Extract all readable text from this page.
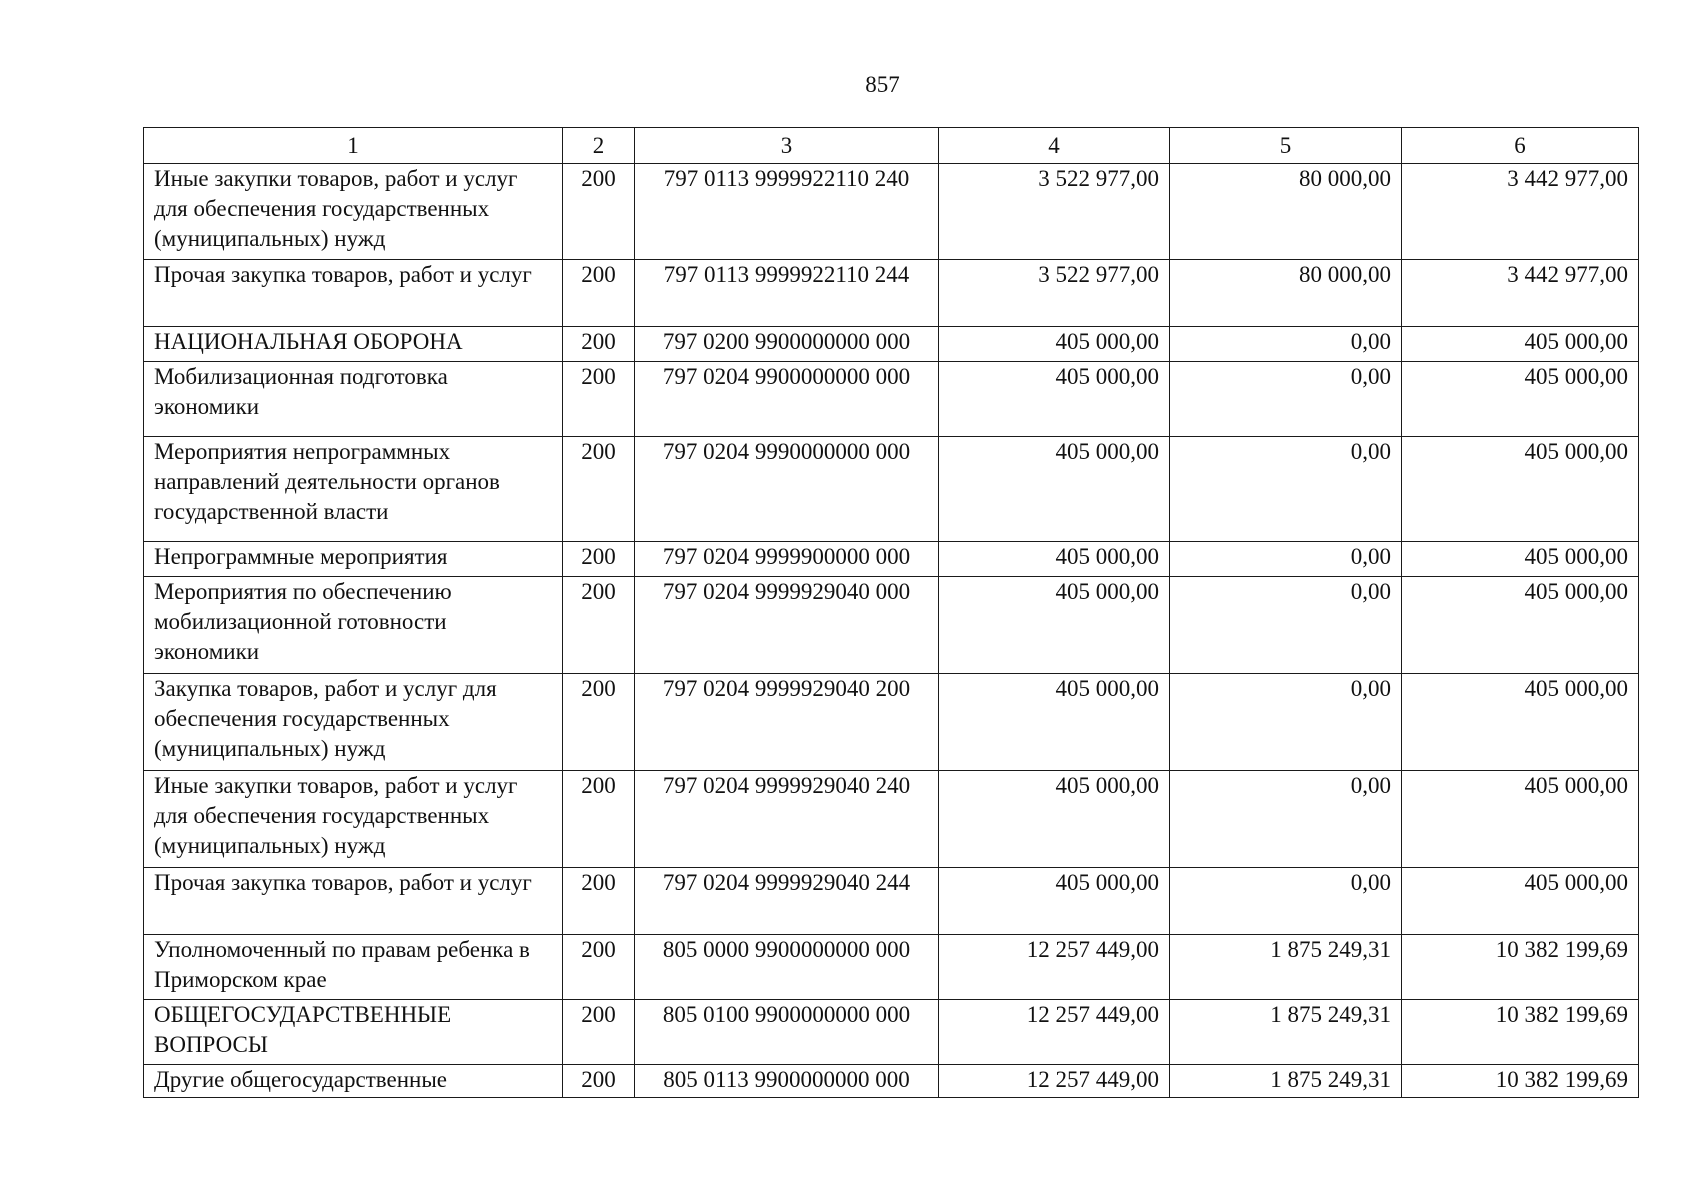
857
1	2	3	4	5	6
Иные закупки товаров, работ и услуг для обеспечения государственных (муниципальных) нужд	200	797 0113 9999922110 240	3 522 977,00	80 000,00	3 442 977,00
Прочая закупка товаров, работ и услуг	200	797 0113 9999922110 244	3 522 977,00	80 000,00	3 442 977,00
НАЦИОНАЛЬНАЯ ОБОРОНА	200	797 0200 9900000000 000	405 000,00	0,00	405 000,00
Мобилизационная подготовка экономики	200	797 0204 9900000000 000	405 000,00	0,00	405 000,00
Мероприятия непрограммных направлений деятельности органов государственной власти	200	797 0204 9990000000 000	405 000,00	0,00	405 000,00
Непрограммные мероприятия	200	797 0204 9999900000 000	405 000,00	0,00	405 000,00
Мероприятия по обеспечению мобилизационной готовности экономики	200	797 0204 9999929040 000	405 000,00	0,00	405 000,00
Закупка товаров, работ и услуг для обеспечения государственных (муниципальных) нужд	200	797 0204 9999929040 200	405 000,00	0,00	405 000,00
Иные закупки товаров, работ и услуг для обеспечения государственных (муниципальных) нужд	200	797 0204 9999929040 240	405 000,00	0,00	405 000,00
Прочая закупка товаров, работ и услуг	200	797 0204 9999929040 244	405 000,00	0,00	405 000,00
Уполномоченный по правам ребенка в Приморском крае	200	805 0000 9900000000 000	12 257 449,00	1 875 249,31	10 382 199,69
ОБЩЕГОСУДАРСТВЕННЫЕ ВОПРОСЫ	200	805 0100 9900000000 000	12 257 449,00	1 875 249,31	10 382 199,69
Другие общегосударственные	200	805 0113 9900000000 000	12 257 449,00	1 875 249,31	10 382 199,69
